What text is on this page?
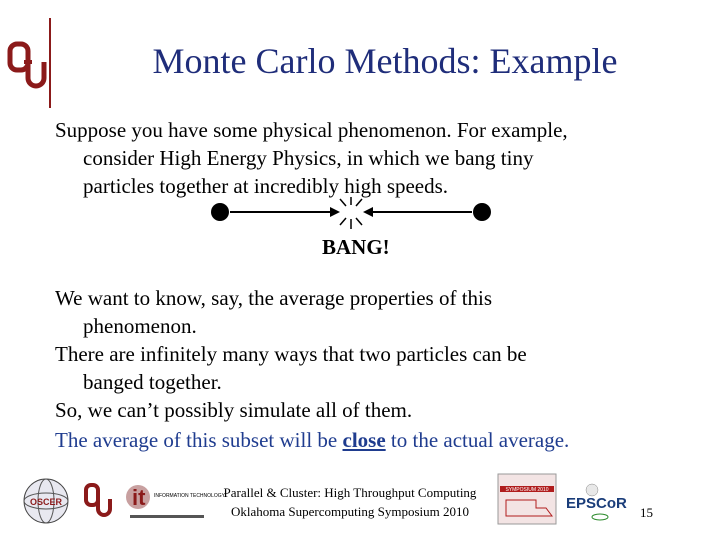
Monte Carlo Methods: Example

Suppose you have some physical phenomenon. For example,
consider High Energy Physics, in which we bang tiny
particles together at incredibly high speeds.

We want to know, say, the average properties of this
phenomenon.

There are infinitely many ways that two particles can be
banged together.

So, we can’t possibly simulate all of them.

The average of this subset will be close to the actual average.

BANG!
OSCER	it INFORMATION TECHNOLOGY
Parallel & Cluster: High Throughput Computing
Oklahoma Supercomputing Symposium 2010
SYMPOSIUM 2010
EPSCoR
15
